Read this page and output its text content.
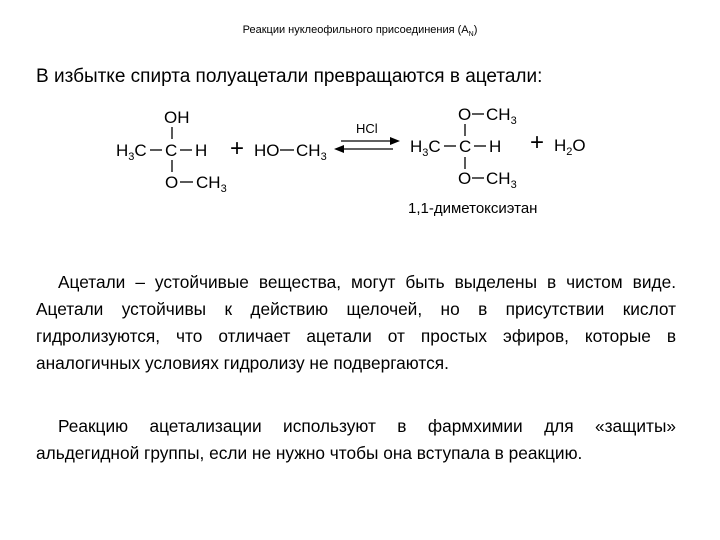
Реакции нуклеофильного присоединения $(A_N)$
В избытке спирта полуацетали превращаются в ацетали:
OH
$H_3C$ C H
O $CH_3$
+ HO $CH_3$
HCl
O $CH_3$
$H_3C$ C H
O $CH_3$
+ $H_2O$
1,1-диметоксиэтан

Ацетали – устойчивые вещества, могут быть выделены в чистом виде. Ацетали устойчивы к действию щелочей, но в присутствии кислот гидролизуются, что отличает ацетали от простых эфиров, которые в аналогичных условиях гидролизу не подвергаются.

Реакцию ацетализации используют в фармхимии для «защиты» альдегидной группы, если не нужно чтобы она вступала в реакцию.
